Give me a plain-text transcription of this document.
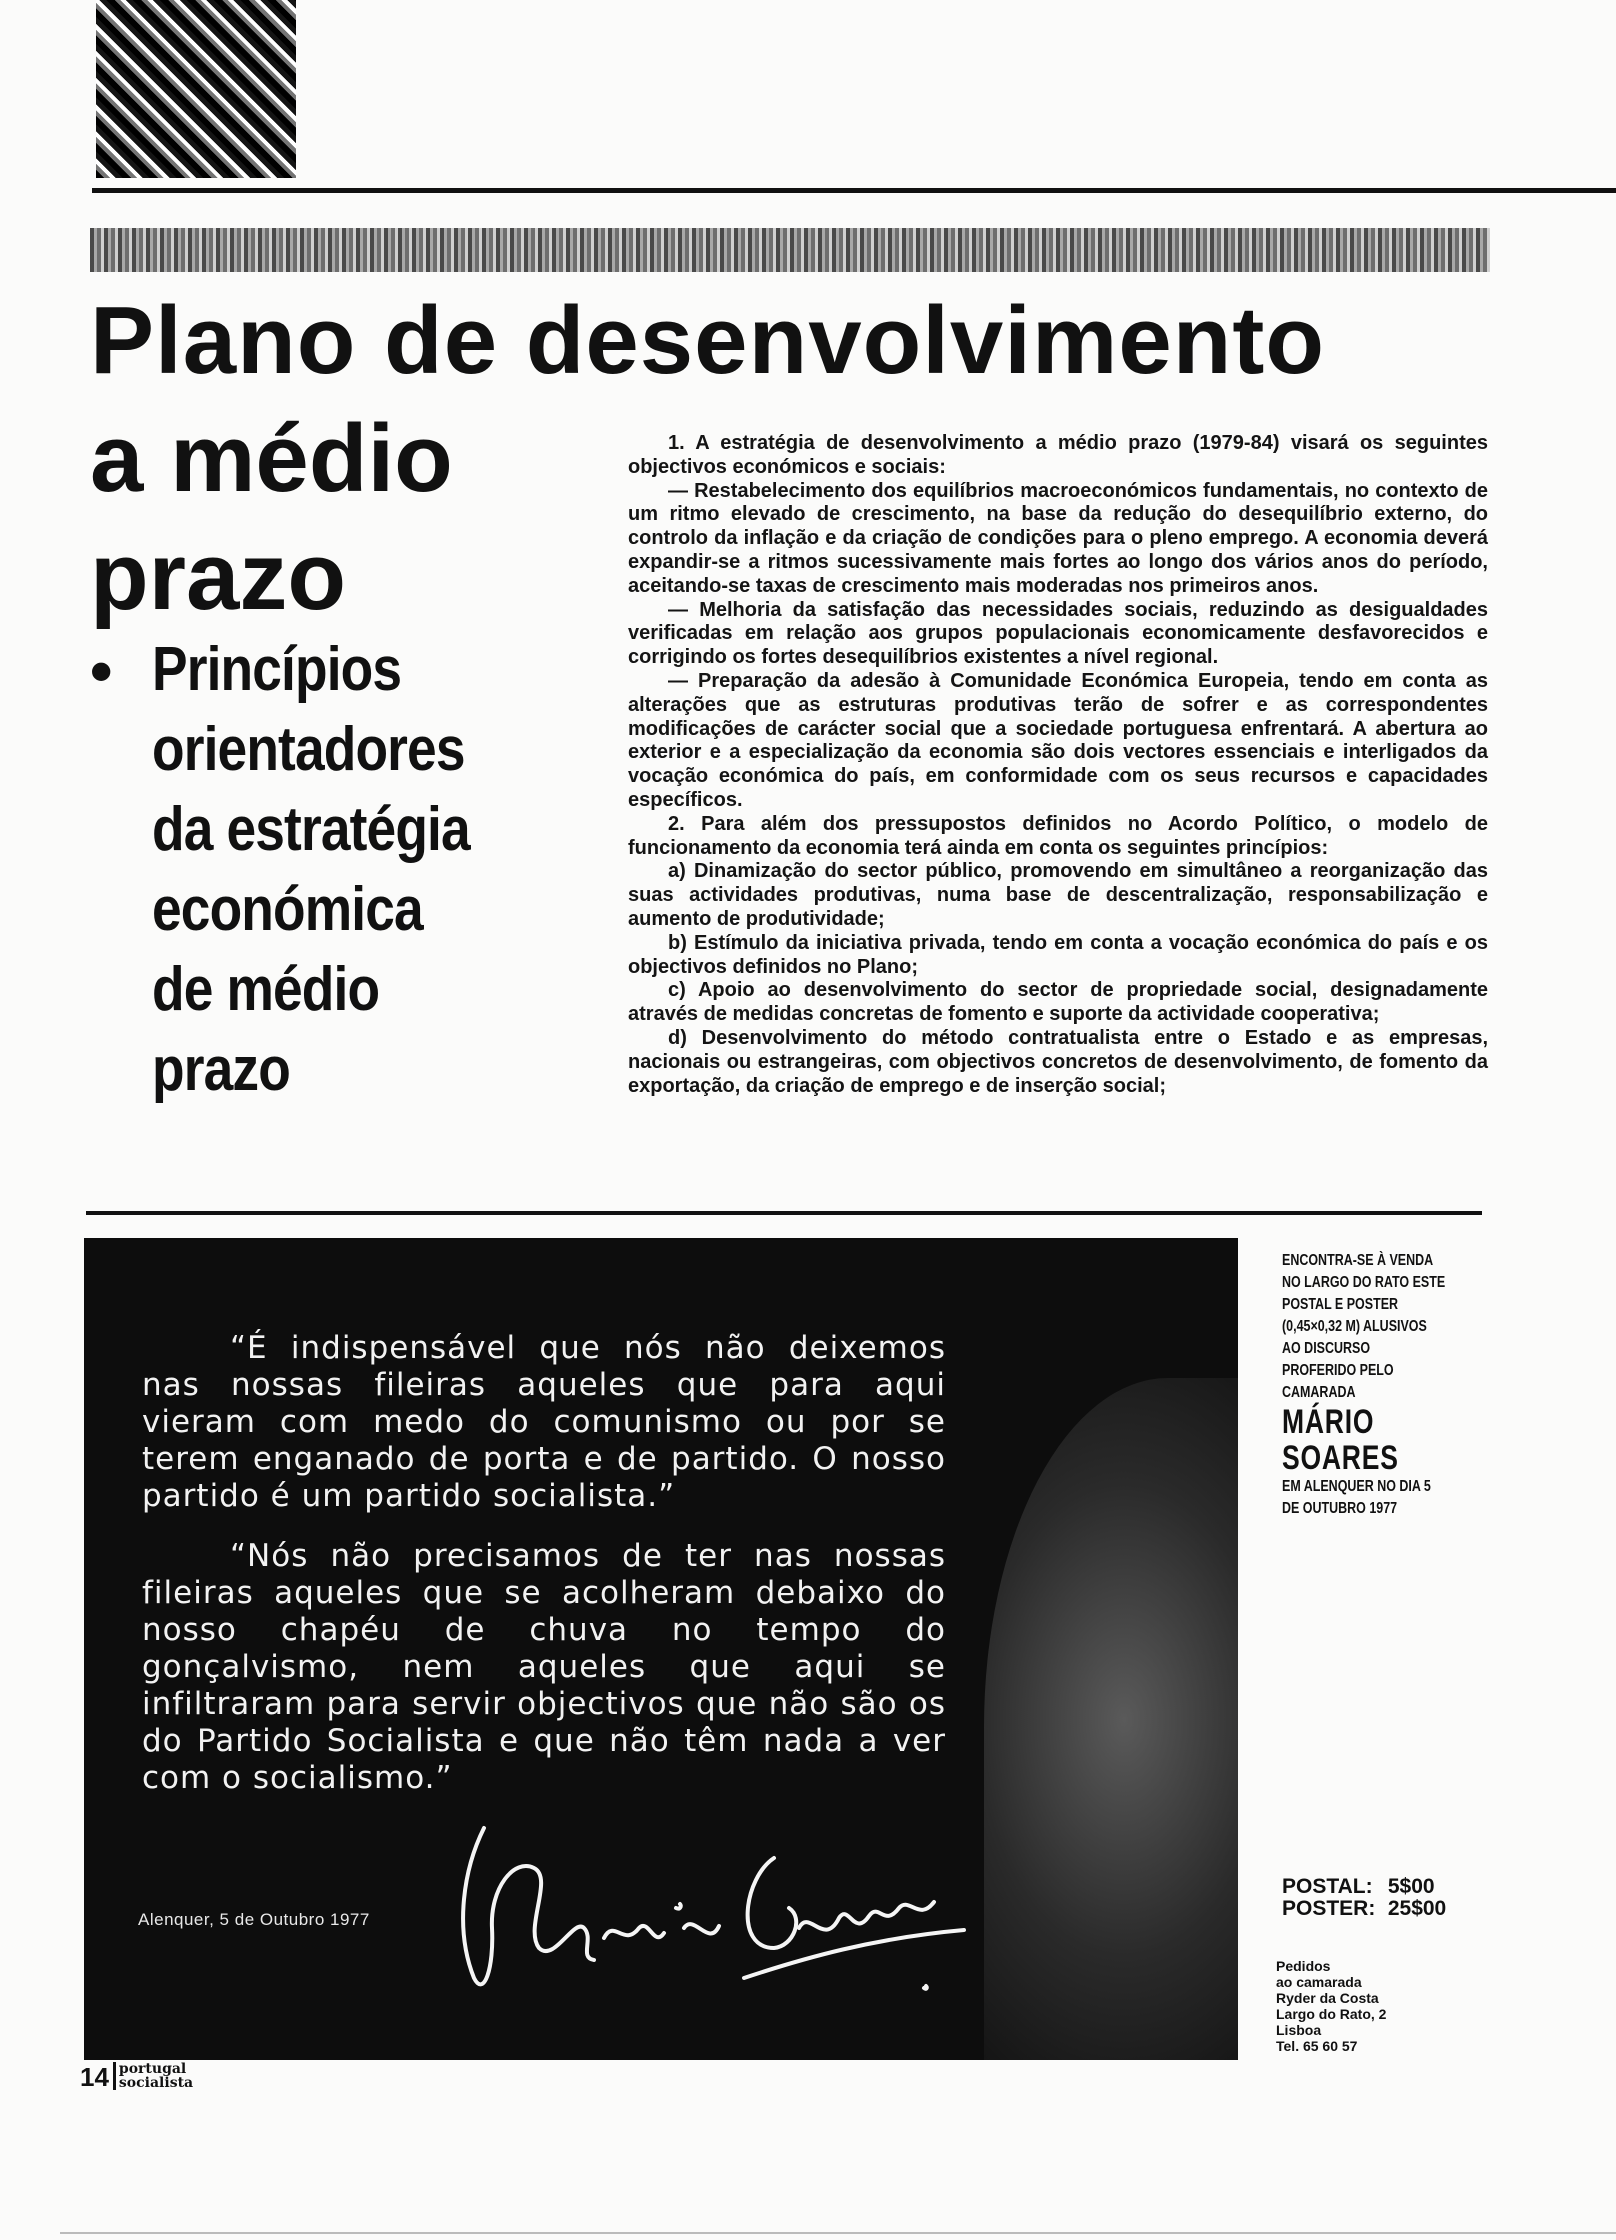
Plano de desenvolvimento
a médio
prazo
• Princípios
orientadores
da estratégia
económica
de médio
prazo

1. A estratégia de desenvolvimento a médio prazo (1979-84) visará os seguintes objectivos económicos e sociais:

— Restabelecimento dos equilíbrios macroeconómicos fundamentais, no contexto de um ritmo elevado de crescimento, na base da redução do desequilíbrio externo, do controlo da inflação e da criação de condições para o pleno emprego. A economia deverá expandir-se a ritmos sucessivamente mais fortes ao longo dos vários anos do período, aceitando-se taxas de crescimento mais moderadas nos primeiros anos.

— Melhoria da satisfação das necessidades sociais, reduzindo as desigualdades verificadas em relação aos grupos populacionais economicamente desfavorecidos e corrigindo os fortes desequilíbrios existentes a nível regional.

— Preparação da adesão à Comunidade Económica Europeia, tendo em conta as alterações que as estruturas produtivas terão de sofrer e as correspondentes modificações de carácter social que a sociedade portuguesa enfrentará. A abertura ao exterior e a especialização da economia são dois vectores essenciais e interligados da vocação económica do país, em conformidade com os seus recursos e capacidades específicos.

2. Para além dos pressupostos definidos no Acordo Político, o modelo de funcionamento da economia terá ainda em conta os seguintes princípios:

a) Dinamização do sector público, promovendo em simultâneo a reorganização das suas actividades produtivas, numa base de descentralização, responsabilização e aumento de produtividade;

b) Estímulo da iniciativa privada, tendo em conta a vocação económica do país e os objectivos definidos no Plano;

c) Apoio ao desenvolvimento do sector de propriedade social, designadamente através de medidas concretas de fomento e suporte da actividade cooperativa;

d) Desenvolvimento do método contratualista entre o Estado e as empresas, nacionais ou estrangeiras, com objectivos concretos de desenvolvimento, de fomento da exportação, da criação de emprego e de inserção social;

“É indispensável que nós não deixemos nas nossas fileiras aqueles que para aqui vieram com medo do comunismo ou por se terem enganado de porta e de partido. O nosso partido é um partido socialista.”

“Nós não precisamos de ter nas nossas fileiras aqueles que se acolheram debaixo do nosso chapéu de chuva no tempo do gonçalvismo, nem aqueles que aqui se infiltraram para servir objectivos que não são os do Partido Socialista e que não têm nada a ver com o socialismo.”

Alenquer, 5 de Outubro 1977
ENCONTRA-SE À VENDA NO LARGO DO RATO ESTE POSTAL E POSTER (0,45×0,32 M) ALUSIVOS AO DISCURSO PROFERIDO PELO CAMARADA
MÁRIO SOARES
EM ALENQUER NO DIA 5 DE OUTUBRO 1977
POSTAL: 5$00
POSTER: 25$00
Pedidos
ao camarada
Ryder da Costa
Largo do Rato, 2
Lisboa
Tel. 65 60 57
14 portugal
socialista
